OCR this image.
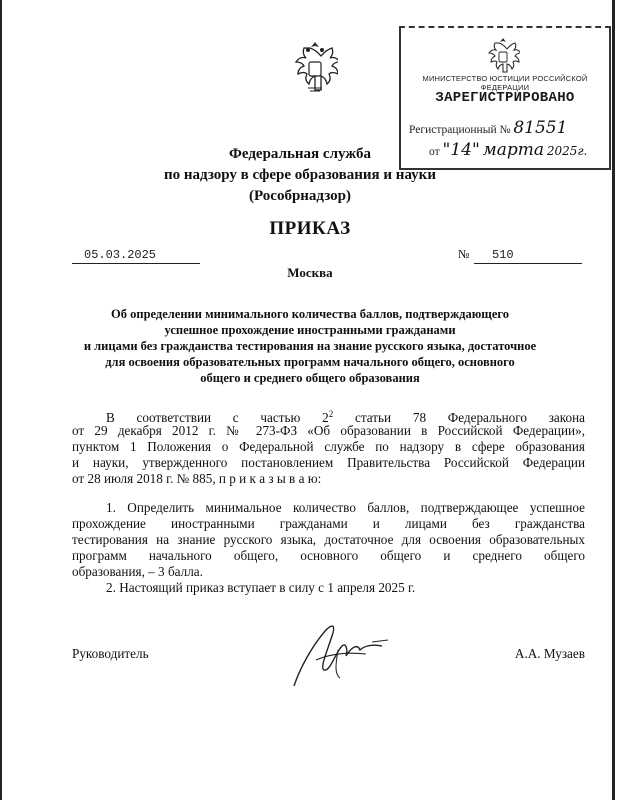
МИНИСТЕРСТВО ЮСТИЦИИ РОССИЙСКОЙ ФЕДЕРАЦИИ
ЗАРЕГИСТРИРОВАНО
Регистрационный № 81551
от "14" марта 2025г.
Федеральная служба
по надзору в сфере образования и науки
(Рособрнадзор)
ПРИКАЗ
05.03.2025	№ 510
Москва
Об определении минимального количества баллов, подтверждающего
успешное прохождение иностранными гражданами
и лицами без гражданства тестирования на знание русского языка, достаточное
для освоения образовательных программ начального общего, основного
общего и среднего общего образования
В соответствии с частью $2^2$ статьи 78 Федерального закона
от 29 декабря 2012 г. № 273-ФЗ «Об образовании в Российской Федерации»,
пунктом 1 Положения о Федеральной службе по надзору в сфере образования
и науки, утвержденного постановлением Правительства Российской Федерации
от 28 июля 2018 г. № 885, п р и к а з ы в а ю:
1. Определить минимальное количество баллов, подтверждающее успешное
прохождение иностранными гражданами и лицами без гражданства
тестирования на знание русского языка, достаточное для освоения образовательных
программ начального общего, основного общего и среднего общего
образования, – 3 балла.
2. Настоящий приказ вступает в силу с 1 апреля 2025 г.
Руководитель	А.А. Музаев
